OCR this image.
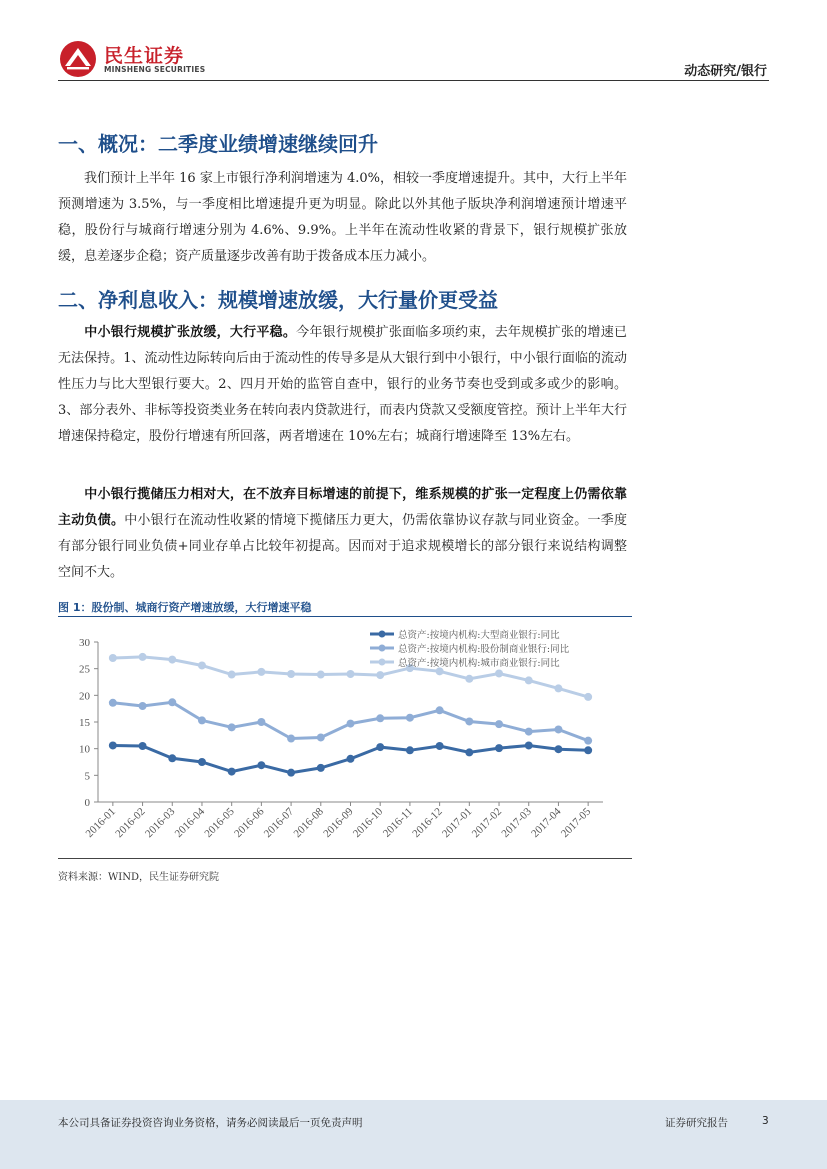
民生证券
MINSHENG SECURITIES	动态研究/银行
一、概况：二季度业绩增速继续回升

我们预计上半年 16 家上市银行净利润增速为 4.0%，相较一季度增速提升。其中，大行上半年预测增速为 3.5%，与一季度相比增速提升更为明显。除此以外其他子版块净利润增速预计增速平稳，股份行与城商行增速分别为 4.6%、9.9%。上半年在流动性收紧的背景下，银行规模扩张放缓，息差逐步企稳；资产质量逐步改善有助于拨备成本压力减小。

二、净利息收入：规模增速放缓，大行量价更受益

中小银行规模扩张放缓，大行平稳。今年银行规模扩张面临多项约束，去年规模扩张的增速已无法保持。1、流动性边际转向后由于流动性的传导多是从大银行到中小银行，中小银行面临的流动性压力与比大型银行要大。2、四月开始的监管自查中，银行的业务节奏也受到或多或少的影响。3、部分表外、非标等投资类业务在转向表内贷款进行，而表内贷款又受额度管控。预计上半年大行增速保持稳定，股份行增速有所回落，两者增速在 10%左右；城商行增速降至 13%左右。

中小银行揽储压力相对大，在不放弃目标增速的前提下，维系规模的扩张一定程度上仍需依靠主动负债。中小银行在流动性收紧的情境下揽储压力更大，仍需依靠协议存款与同业资金。一季度有部分银行同业负债+同业存单占比较年初提高。因而对于追求规模增长的部分银行来说结构调整空间不大。

图 1：股份制、城商行资产增速放缓，大行增速平稳
0
5
10
15
20
25
30
2016-01
2016-02
2016-03
2016-04
2016-05
2016-06
2016-07
2016-08
2016-09
2016-10
2016-11
2016-12
2017-01
2017-02
2017-03
2017-04
2017-05
总资产:按境内机构:大型商业银行:同比
总资产:按境内机构:股份制商业银行:同比
总资产:按境内机构:城市商业银行:同比
资料来源：WIND，民生证券研究院
本公司具备证券投资咨询业务资格，请务必阅读最后一页免责声明	证券研究报告	3
